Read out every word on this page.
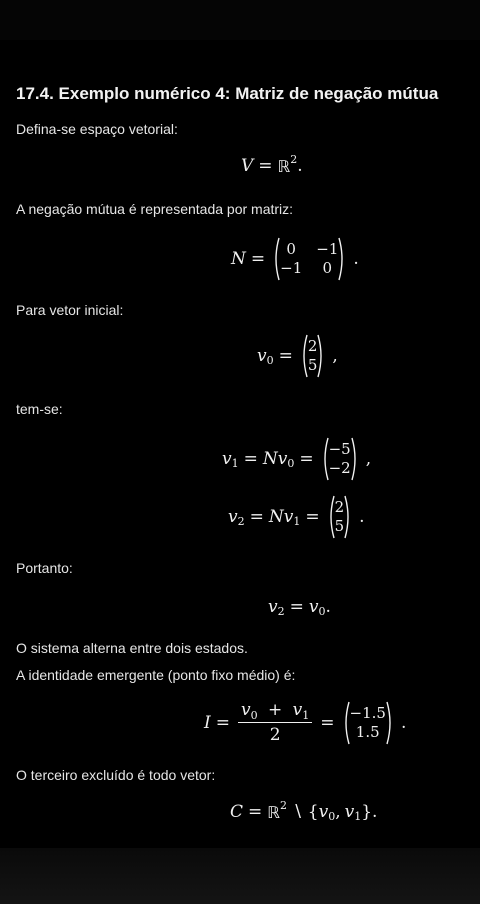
17.4. Exemplo numérico 4: Matriz de negação mútua
Defina-se espaço vetorial:
V = ℝ 2 .
A negação mútua é representada por matriz:
N =	0	−1
−1	0	.
Para vetor inicial:
v 0 = 2
5 ,
tem-se:
v 1 = Nv 0 = −5
−2 ,
v 2 = Nv 1 = 2
5 .
Portanto:
v 2 = v 0 .
O sistema alterna entre dois estados.
A identidade emergente (ponto fixo médio) é:
$I = \frac{v_0 + v_1}{2} = -1.5$
1.5	.
O terceiro excluído é todo vetor:
C = ℝ 2 ∖ { v 0 , v 1 } .
